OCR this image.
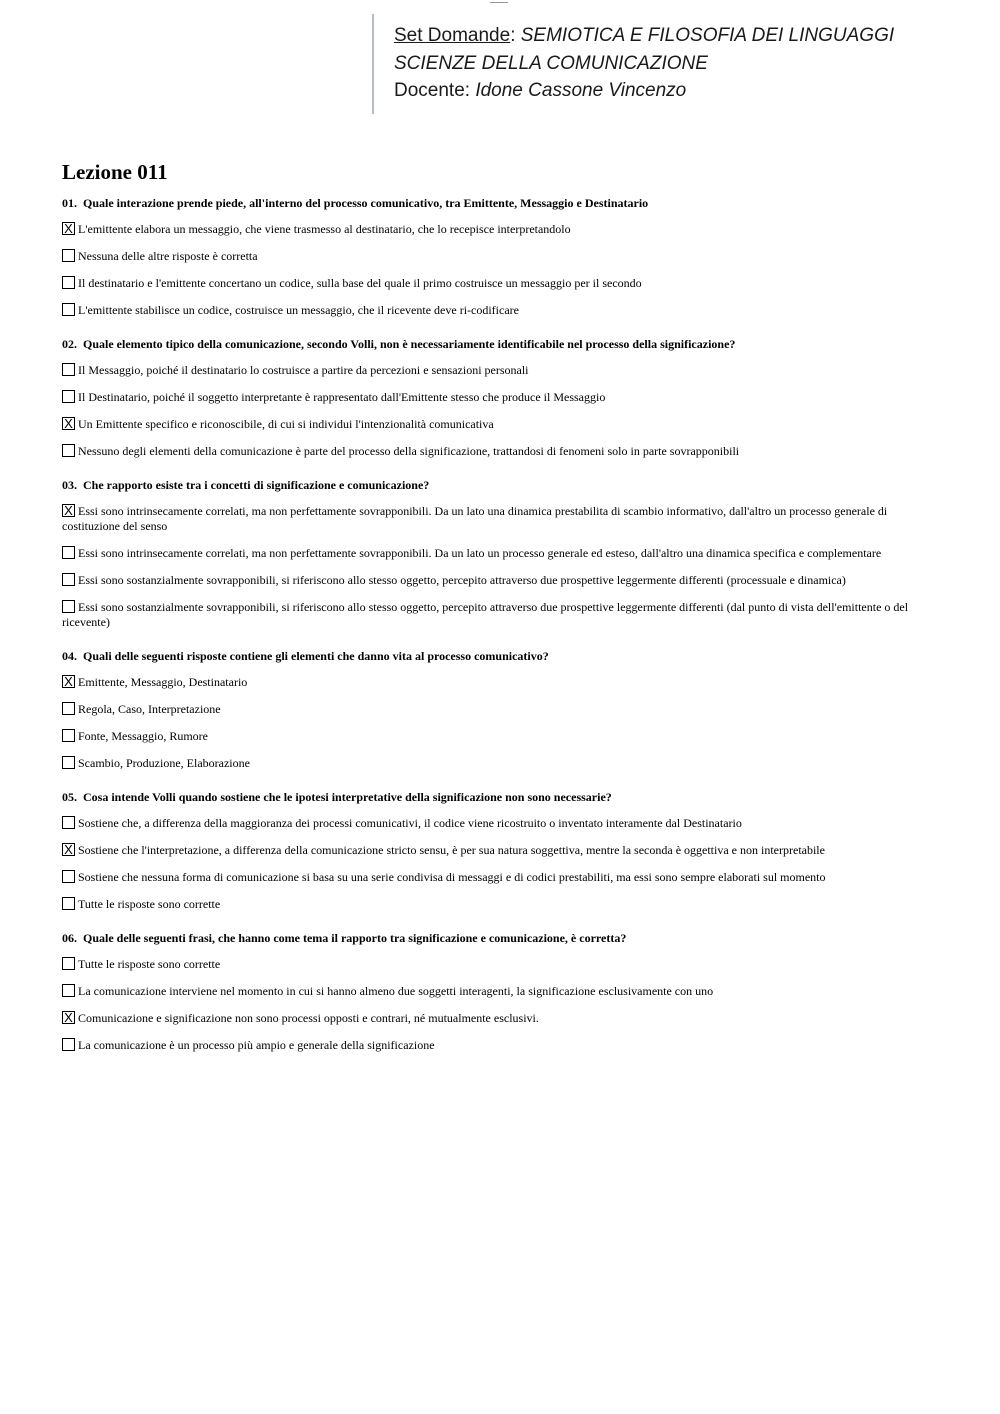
Set Domande: SEMIOTICA E FILOSOFIA DEI LINGUAGGI
SCIENZE DELLA COMUNICAZIONE
Docente: Idone Cassone Vincenzo
Lezione 011
01. Quale interazione prende piede, all'interno del processo comunicativo, tra Emittente, Messaggio e Destinatario
X L'emittente elabora un messaggio, che viene trasmesso al destinatario, che lo recepisce interpretandolo
Nessuna delle altre risposte è corretta
Il destinatario e l'emittente concertano un codice, sulla base del quale il primo costruisce un messaggio per il secondo
L'emittente stabilisce un codice, costruisce un messaggio, che il ricevente deve ri-codificare
02. Quale elemento tipico della comunicazione, secondo Volli, non è necessariamente identificabile nel processo della significazione?
Il Messaggio, poiché il destinatario lo costruisce a partire da percezioni e sensazioni personali
Il Destinatario, poiché il soggetto interpretante è rappresentato dall'Emittente stesso che produce il Messaggio
X Un Emittente specifico e riconoscibile, di cui si individui l'intenzionalità comunicativa
Nessuno degli elementi della comunicazione è parte del processo della significazione, trattandosi di fenomeni solo in parte sovrapponibili
03. Che rapporto esiste tra i concetti di significazione e comunicazione?
X Essi sono intrinsecamente correlati, ma non perfettamente sovrapponibili. Da un lato una dinamica prestabilita di scambio informativo, dall'altro un processo generale di costituzione del senso
Essi sono intrinsecamente correlati, ma non perfettamente sovrapponibili. Da un lato un processo generale ed esteso, dall'altro una dinamica specifica e complementare
Essi sono sostanzialmente sovrapponibili, si riferiscono allo stesso oggetto, percepito attraverso due prospettive leggermente differenti (processuale e dinamica)
Essi sono sostanzialmente sovrapponibili, si riferiscono allo stesso oggetto, percepito attraverso due prospettive leggermente differenti (dal punto di vista dell'emittente o del ricevente)
04. Quali delle seguenti risposte contiene gli elementi che danno vita al processo comunicativo?
X Emittente, Messaggio, Destinatario
Regola, Caso, Interpretazione
Fonte, Messaggio, Rumore
Scambio, Produzione, Elaborazione
05. Cosa intende Volli quando sostiene che le ipotesi interpretative della significazione non sono necessarie?
Sostiene che, a differenza della maggioranza dei processi comunicativi, il codice viene ricostruito o inventato interamente dal Destinatario
X Sostiene che l'interpretazione, a differenza della comunicazione stricto sensu, è per sua natura soggettiva, mentre la seconda è oggettiva e non interpretabile
Sostiene che nessuna forma di comunicazione si basa su una serie condivisa di messaggi e di codici prestabiliti, ma essi sono sempre elaborati sul momento
Tutte le risposte sono corrette
06. Quale delle seguenti frasi, che hanno come tema il rapporto tra significazione e comunicazione, è corretta?
Tutte le risposte sono corrette
La comunicazione interviene nel momento in cui si hanno almeno due soggetti interagenti, la significazione esclusivamente con uno
X Comunicazione e significazione non sono processi opposti e contrari, né mutualmente esclusivi.
La comunicazione è un processo più ampio e generale della significazione
